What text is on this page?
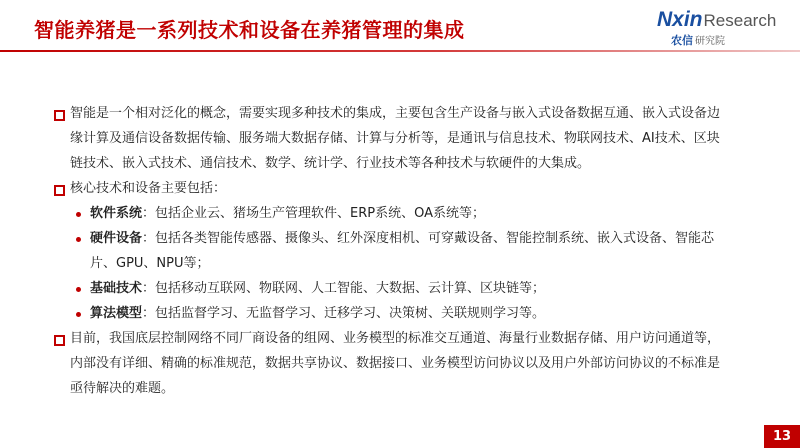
智能养猪是一系列技术和设备在养猪管理的集成	NxinResearch
农信 研究院
智能是一个相对泛化的概念，需要实现多种技术的集成，主要包含生产设备与嵌入式设备数据互通、嵌入式设备边
缘计算及通信设备数据传输、服务端大数据存储、计算与分析等，是通讯与信息技术、物联网技术、AI技术、区块
链技术、嵌入式技术、通信技术、数学、统计学、行业技术等各种技术与软硬件的大集成。
核心技术和设备主要包括：
软件系统：包括企业云、猪场生产管理软件、ERP系统、OA系统等；
硬件设备：包括各类智能传感器、摄像头、红外深度相机、可穿戴设备、智能控制系统、嵌入式设备、智能芯
片、GPU、NPU等；
基础技术：包括移动互联网、物联网、人工智能、大数据、云计算、区块链等；
算法模型：包括监督学习、无监督学习、迁移学习、决策树、关联规则学习等。
目前，我国底层控制网络不同厂商设备的组网、业务模型的标准交互通道、海量行业数据存储、用户访问通道等，
内部没有详细、精确的标准规范，数据共享协议、数据接口、业务模型访问协议以及用户外部访问协议的不标准是
亟待解决的难题。
13
